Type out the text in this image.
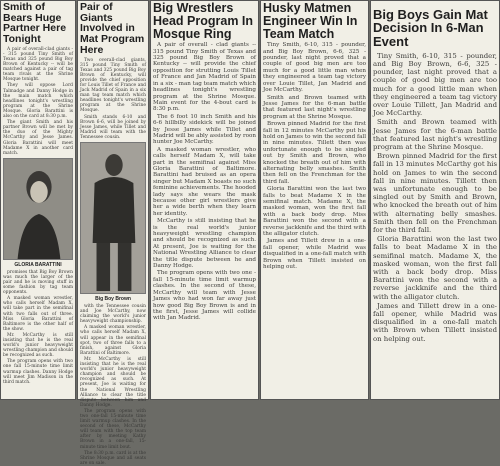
Smith of Bears Huge Partner Here Tonight

A pair of overall-clad giants -- 315 pound Tiny Smith of Texas and 325 pound Big Boy Brown of Kentucky -- will be matched against a pair of tag team rivals at the Shrine Mosque tonight.

They will oppose Lord Talmadge and Danny Hodge in the main match which headlines tonight's wrestling program at the Shrine Mosque. Gloria Barattini is also on the card at 8:30 p.m.

The giant Smith and his partner Brown will be met by the duo of the Mighty McCarthy and Jesse James. Gloria Barattini will meet Madame X in another card match.

GLORIA BARATTINI

promises that Big Boy Brown was much the larger of the pair and he is moving stuff in some fashion by tag team opponents.

A masked woman wrestler, who calls herself Madam X, will take part in the semifinal with two falls out of three. Miss Gloria Barattini of Baltimore is the other half of the show.

Mr. McCarthy is still insisting that he is the real world's junior heavyweight wrestling champion and should be recognized as such.

The program opens with two one fall 15-minute time limit warmup clashes. Danny Hodge will meet Jim Madison in the third match.

Pair of Giants Involved in Mat Program Here

Two overall-clad giants, 315 pound Tiny Smith of Texas and 325 pound Big Boy Brown of Kentucky, will provide the chief opposition for Louis Tillet of France and Jack Madrid of Spain in a six man tag team match which headlines tonight's wrestling program at the Shrine Mosque.

Smith stands 6-10 and Brown 6-6, will be joined by Jesse James, while Tillet and Madrid will team with the Tennessee cousin.

Big Boy Brown

with the Tennessee cousin and Joe McCarthy, now claiming the world's junior heavyweight championship.

A masked woman wrestler, who calls herself Madam X, will appear in the semifinal spot, two of three falls to a finish, against Gloria Barattini of Baltimore.

Mr. McCarthy is still insisting that he is the real world's junior heavyweight champion and should be recognized as such. At present, Joe is waiting for the National Wrestling Alliance to clear the title dispute between him and Danny Hodge.

The program opens with two one-fall 15-minute time limit warmup clashes. In the second of these, McCarthy will team with the top team after by meeting Kathy Brown in a one-fall, 15-minute time limit bout.

The 8:30 p.m. card is at the Shrine Mosque and all seats are on sale.

Big Wrestlers Head Program In Mosque Ring

A pair of overall - clad giants -- 315 pound Tiny Smith of Texas and 325 pound Big Boy Brown of Kentucky -- will provide the chief opposition for strutting Louis Tillet of France and Jan Madrid of Spain in a six - man tag team match which headlines tonight's wrestling program at the Shrine Mosque. Main event for the 4-bout card is 8:30 p.m.

The 6 foot 10 inch Smith and his 6-6 hillbilly sidekick will be joined by Jesse James while Tillet and Madrid will be ably assisted by roon hunter Joe McCarthy.

A masked woman wrestler, who calls herself Madam X, will take part in the semifinal against Miss Gloria Barattini of Baltimore. Barattini had bruised as an opera singer but Madam X boasts no such feminine achievements. The hooded lady says she wears the mask because other girl wrestlers give her a wide berth when they learn her identity.

McCarthy is still insisting that he is the real world's junior heavyweight wrestling champion and should be recognized as such. At present, Joe is waiting for the National Wrestling Alliance to clear the title dispute between he and Danny Hodge.

The program opens with two one - fall 15-minute time limit warmup clashes. In the second of these, McCarthy will team with Jesse James who had won far away just how good Big Boy Brown is and in the first, Jesse James will collide with Jan Madrid.

Husky Matmen Engineer Win In Team Match

Tiny Smith, 6-10, 315 - pounder, and Big Boy Brown, 6-6, 325 - pounder, last night proved that a couple of good big men are too much for a good little man when they engineered a team tag victory over Louie Tillet, Jan Madrid and Joe McCarthy.

Smith and Brown teamed with Jesse James for the 6-man battle that featured last night's wrestling program at the Shrine Mosque.

Brown pinned Madrid for the first fall in 12 minutes McCarthy put his hold on James to win the second fall in nine minutes. Tillett then was unfortunate enough to be singled out by Smith and Brown, who knocked the breath out of him with alternating belly smashes. Smith then fell on the Frenchman for the third fall.

Gloria Barattini won the last two falls to beat Madame X in the semifinal match. Madame X, the masked woman, won the first fall with a back body drop. Miss Barattini won the second with a reverse jackknife and the third with the alligator clutch.

James and Tillett drew in a one-fall opener, while Madrid was disqualified in a one-fall match with Brown when Tillett insisted on helping out.

Big Boys Gain Mat Decision In 6-Man Event

Tiny Smith, 6-10, 315 - pounder, and Big Boy Brown, 6-6, 325 - pounder, last night proved that a couple of good big men are too much for a good little man when they engineered a team tag victory over Louie Tillett, Jan Madrid and Joe McCarthy.

Smith and Brown teamed with Jesse James for the 6-man battle that featured last night's wrestling program at the Shrine Mosque.

Brown pinned Madrid for the first fall in 13 minutes McCarthy got his hold on James to win the second fall in nine minutes. Tillett then was unfortunate enough to be singled out by Smith and Brown, who knocked the breath out of him with alternating belly smashes. Smith then fell on the Frenchman for the third fall.

Gloria Barattini won the last two falls to beat Madame X in the semifinal match. Madame X, the masked woman, won the first fall with a back body drop. Miss Barattini won the second with a reverse jackknife and the third with the alligator clutch.

James and Tillett drew in a one-fall opener, while Madrid was disqualified in a one-fall match with Brown when Tillett insisted on helping out.
